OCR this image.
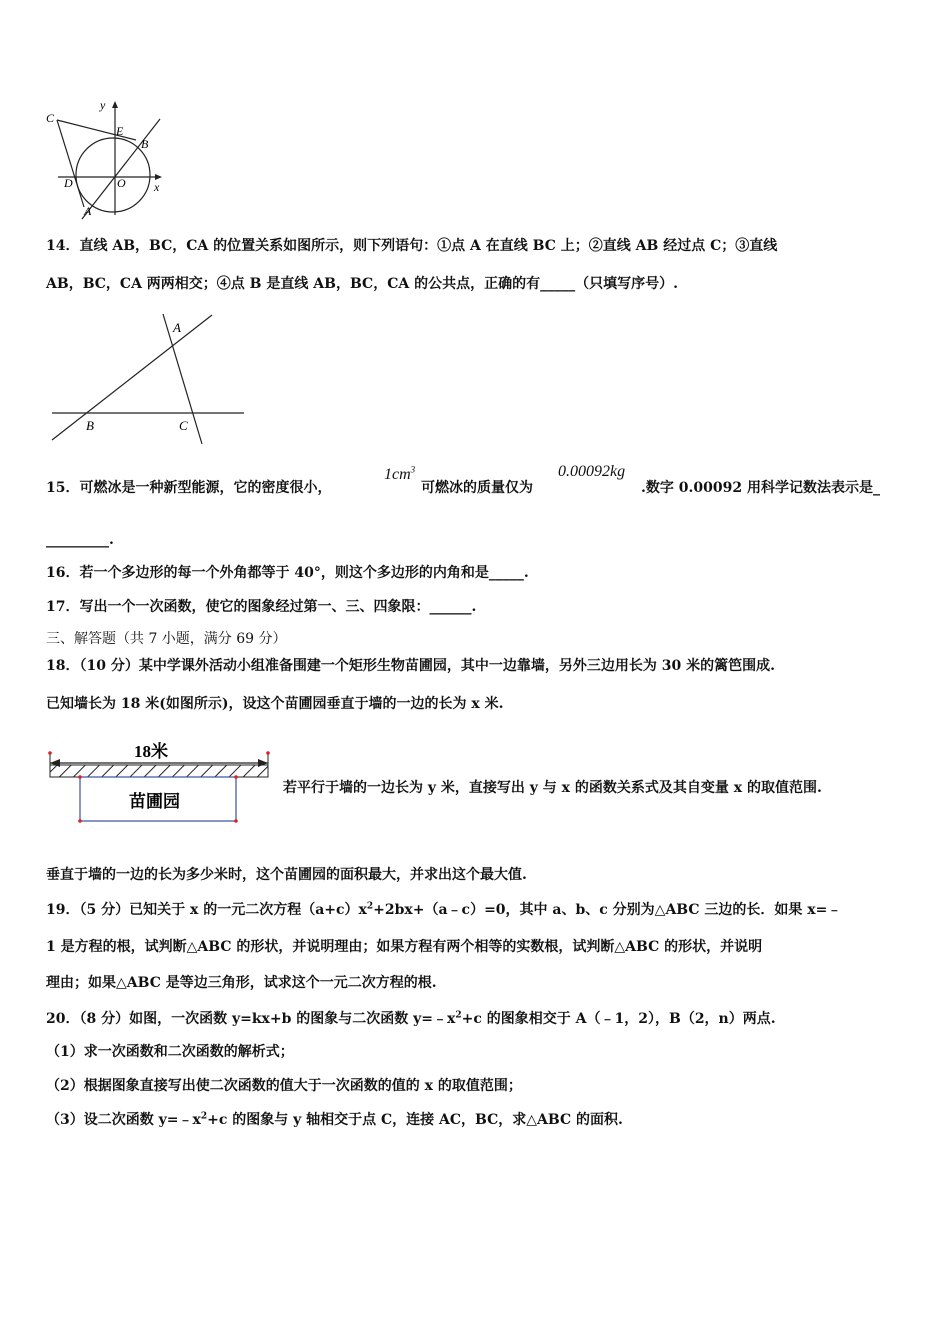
y
x
C
E
B
D	O
A
14．直线 AB，BC，CA 的位置关系如图所示，则下列语句：①点 A 在直线 BC 上；②直线 AB 经过点 C；③直线
AB，BC，CA 两两相交；④点 B 是直线 AB，BC，CA 的公共点，正确的有_____（只填写序号）.
A
B	C
15．可燃冰是一种新型能源，它的密度很小，
$1cm^3$
可燃冰的质量仅为
0.00092kg
.数字 0.00092 用科学记数法表示是_
_________.
16．若一个多边形的每一个外角都等于 40°，则这个多边形的内角和是_____.
17．写出一个一次函数，使它的图象经过第一、三、四象限：______.
三、解答题（共 7 小题，满分 69 分）
18．（10 分）某中学课外活动小组准备围建一个矩形生物苗圃园，其中一边靠墙，另外三边用长为 30 米的篱笆围成.
已知墙长为 18 米(如图所示)，设这个苗圃园垂直于墙的一边的长为 x 米.
18米
苗圃园
若平行于墙的一边长为 y 米，直接写出 y 与 x 的函数关系式及其自变量 x 的取值范围.
垂直于墙的一边的长为多少米时，这个苗圃园的面积最大，并求出这个最大值.
19．（5 分）已知关于 x 的一元二次方程$(a+c)x^2+2bx+(a﹣c)=0$，其中 a、b、c 分别为△ABC 三边的长．如果 x=﹣
1 是方程的根，试判断△ABC 的形状，并说明理由；如果方程有两个相等的实数根，试判断△ABC 的形状，并说明
理由；如果△ABC 是等边三角形，试求这个一元二次方程的根.
20．（8 分）如图，一次函数 y=kx+b 的图象与二次函数 $y=﹣x^2+c$ 的图象相交于 A（﹣1，2），B（2，n）两点.
（1）求一次函数和二次函数的解析式；
（2）根据图象直接写出使二次函数的值大于一次函数的值的 x 的取值范围；
（3）设二次函数 $y=﹣x^2+c$ 的图象与 y 轴相交于点 C，连接 AC，BC，求△ABC 的面积.
